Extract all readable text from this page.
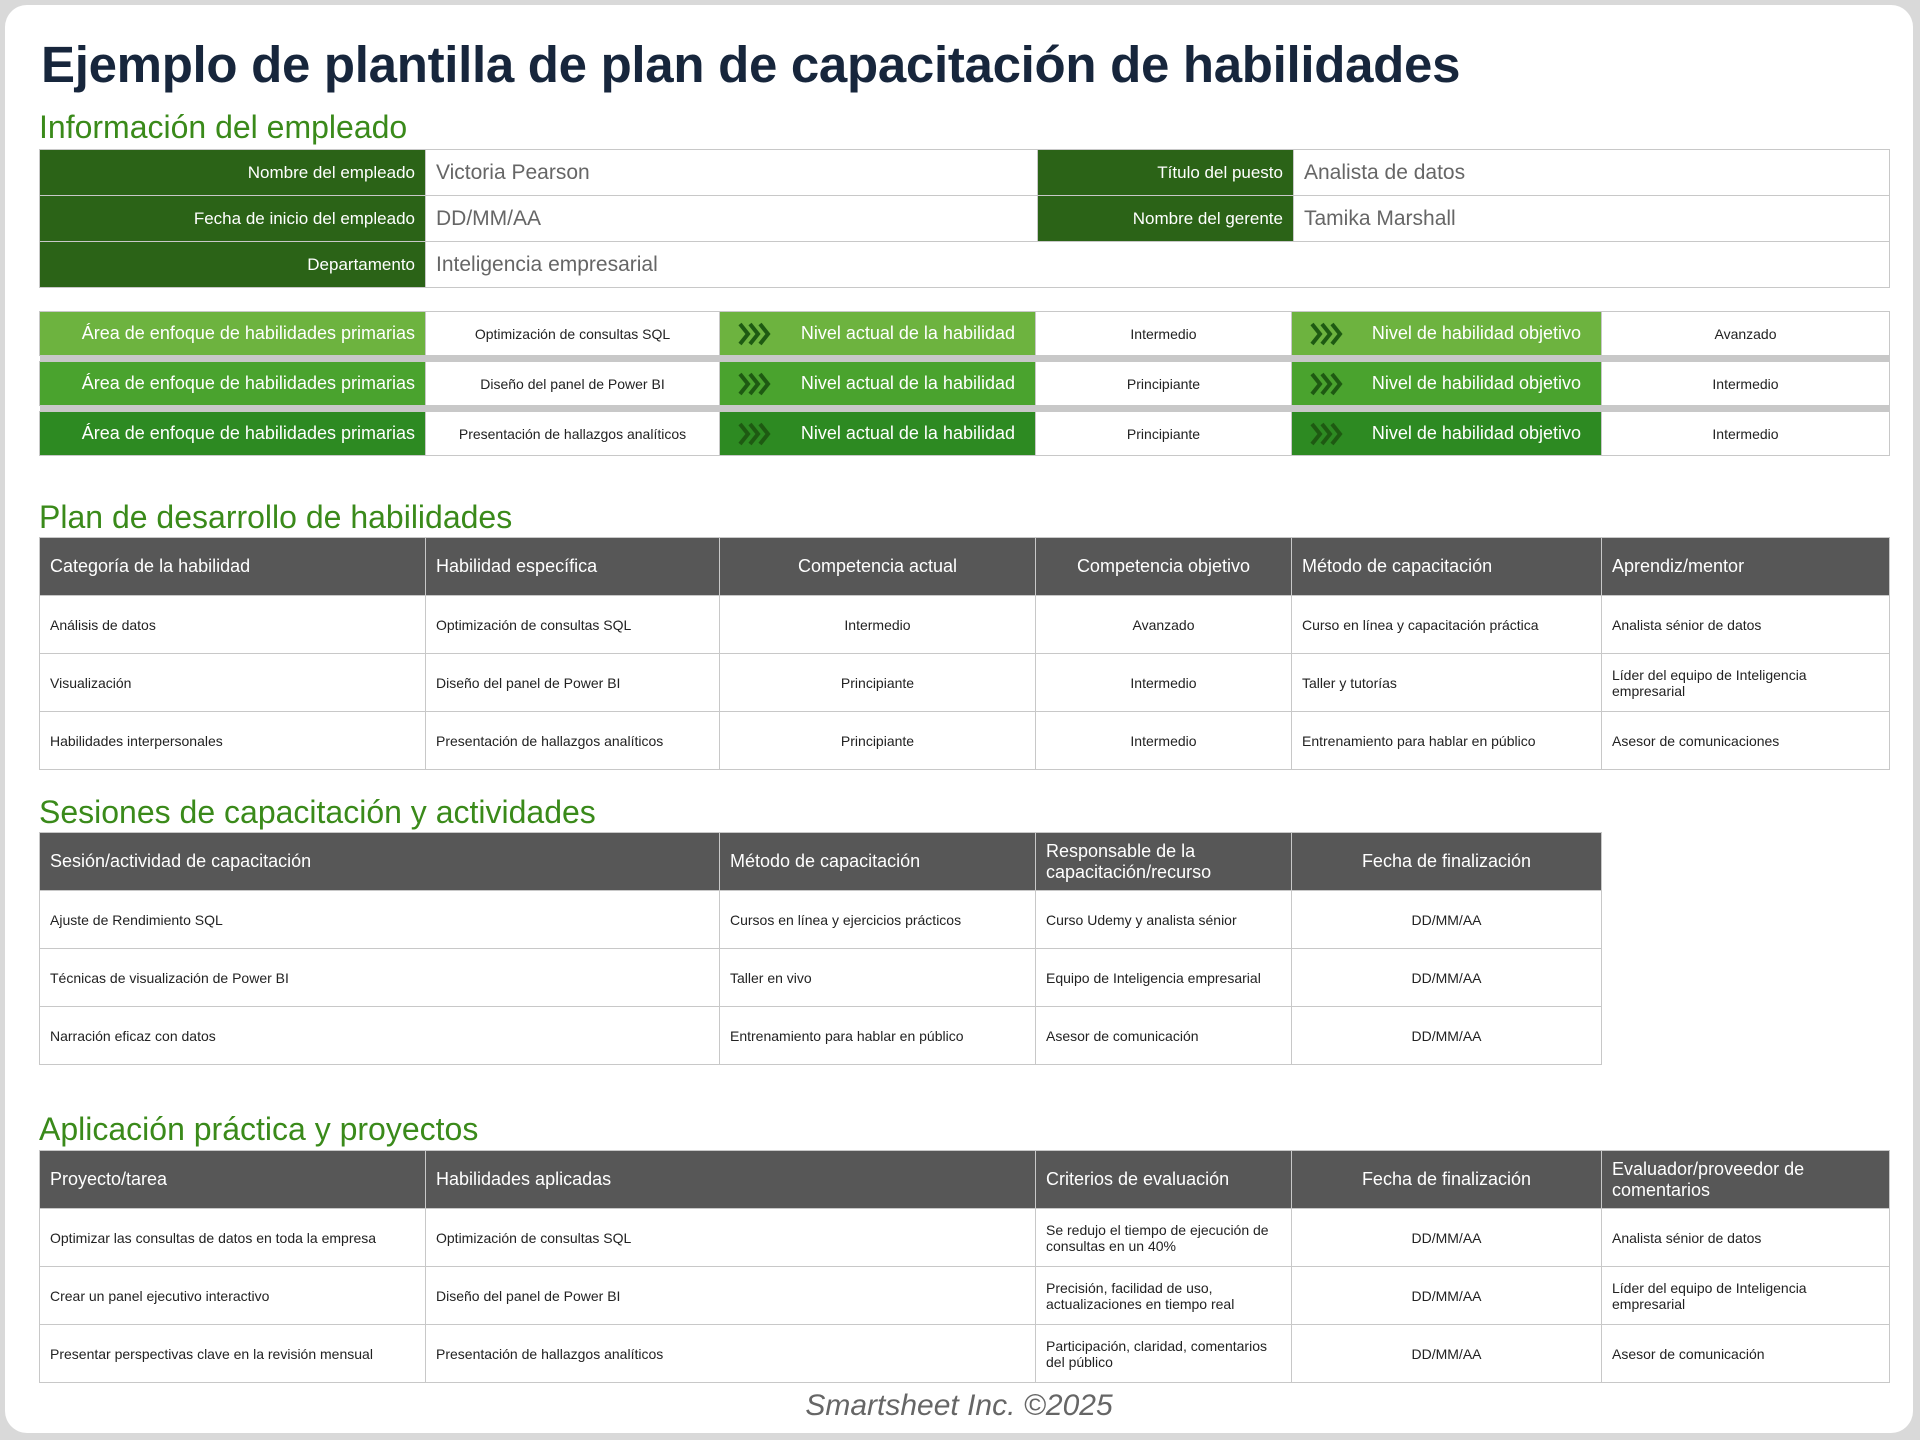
Ejemplo de plantilla de plan de capacitación de habilidades
Información del empleado
Nombre del empleado	Victoria Pearson	Título del puesto	Analista de datos
Fecha de inicio del empleado	DD/MM/AA	Nombre del gerente	Tamika Marshall
Departamento	Inteligencia empresarial		
Área de enfoque de habilidades primarias	Optimización de consultas SQL	Nivel actual de la habilidad	Intermedio	Nivel de habilidad objetivo	Avanzado

Área de enfoque de habilidades primarias	Diseño del panel de Power BI	Nivel actual de la habilidad	Principiante	Nivel de habilidad objetivo	Intermedio

Área de enfoque de habilidades primarias	Presentación de hallazgos analíticos	Nivel actual de la habilidad	Principiante	Nivel de habilidad objetivo	Intermedio
Plan de desarrollo de habilidades
Categoría de la habilidad	Habilidad específica	Competencia actual	Competencia objetivo	Método de capacitación	Aprendiz/mentor
Análisis de datos	Optimización de consultas SQL	Intermedio	Avanzado	Curso en línea y capacitación práctica	Analista sénior de datos
Visualización	Diseño del panel de Power BI	Principiante	Intermedio	Taller y tutorías	Líder del equipo de Inteligencia empresarial
Habilidades interpersonales	Presentación de hallazgos analíticos	Principiante	Intermedio	Entrenamiento para hablar en público	Asesor de comunicaciones
Sesiones de capacitación y actividades
Sesión/actividad de capacitación	Método de capacitación	Responsable de la capacitación/recurso	Fecha de finalización
Ajuste de Rendimiento SQL	Cursos en línea y ejercicios prácticos	Curso Udemy y analista sénior	DD/MM/AA
Técnicas de visualización de Power BI	Taller en vivo	Equipo de Inteligencia empresarial	DD/MM/AA
Narración eficaz con datos	Entrenamiento para hablar en público	Asesor de comunicación	DD/MM/AA
Aplicación práctica y proyectos
Proyecto/tarea	Habilidades aplicadas	Criterios de evaluación	Fecha de finalización	Evaluador/proveedor de comentarios
Optimizar las consultas de datos en toda la empresa	Optimización de consultas SQL	Se redujo el tiempo de ejecución de consultas en un 40%	DD/MM/AA	Analista sénior de datos
Crear un panel ejecutivo interactivo	Diseño del panel de Power BI	Precisión, facilidad de uso, actualizaciones en tiempo real	DD/MM/AA	Líder del equipo de Inteligencia empresarial
Presentar perspectivas clave en la revisión mensual	Presentación de hallazgos analíticos	Participación, claridad, comentarios del público	DD/MM/AA	Asesor de comunicación
Smartsheet Inc. ©2025
